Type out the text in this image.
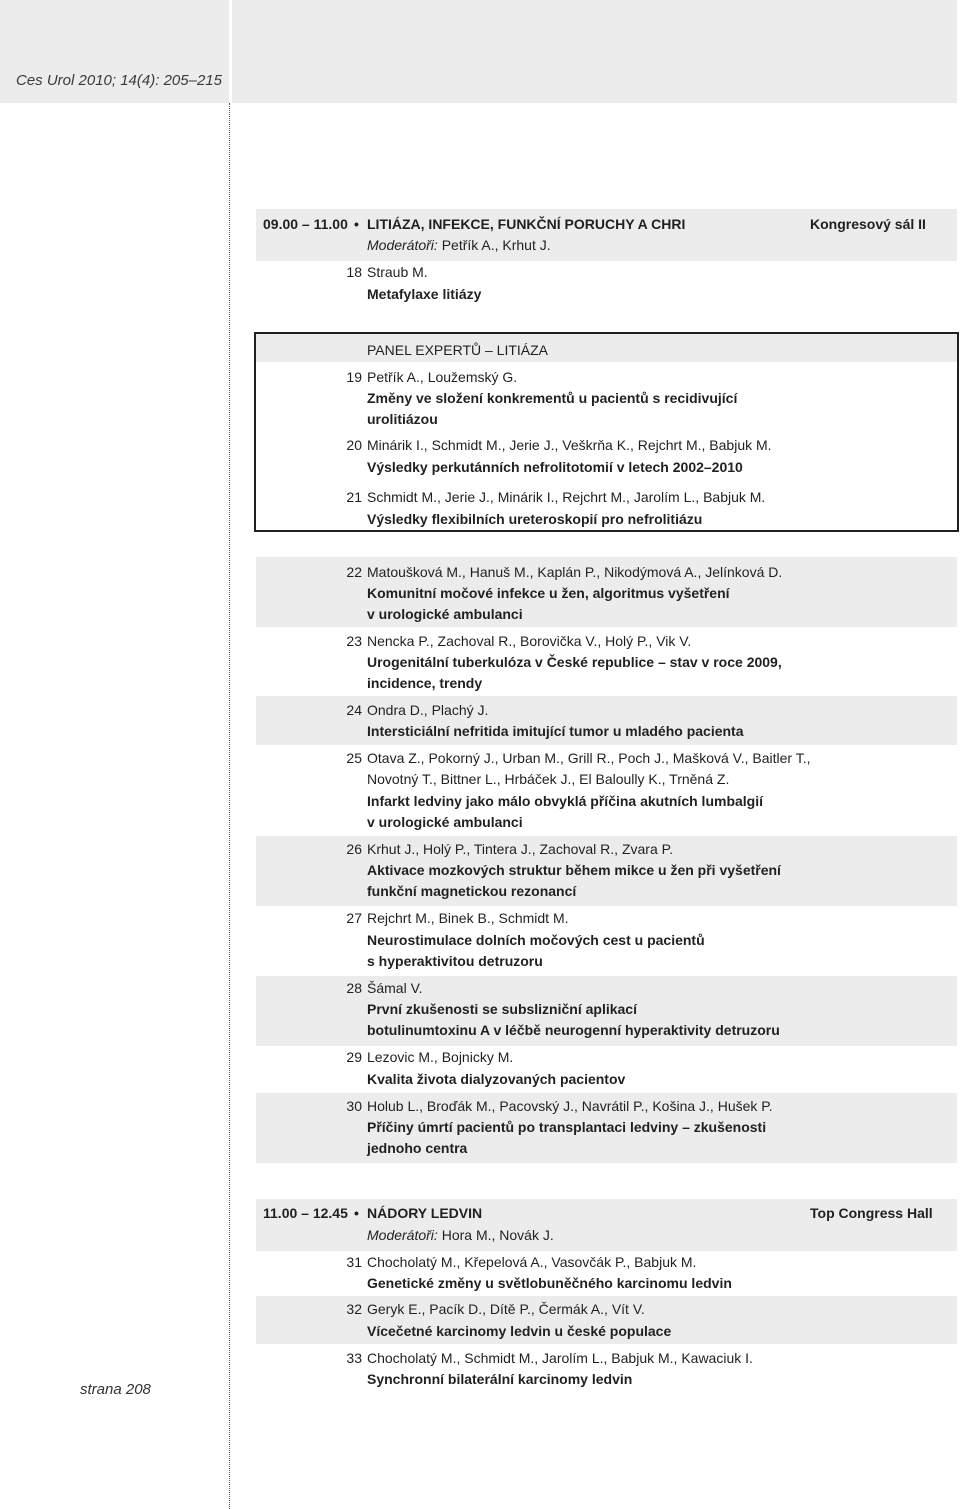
Ces Urol 2010; 14(4): 205–215
strana 208
09.00 – 11.00 • LITIÁZA, INFEKCE, FUNKČNÍ PORUCHY A CHRI	Kongresový sál II
Moderátoři: Petřík A., Krhut J.
18 Straub M.
Metafylaxe litiázy
PANEL EXPERTŮ – LITIÁZA
19 Petřík A., Loužemský G.
Změny ve složení konkrementů u pacientů s recidivující
urolitiázou
20 Minárik I., Schmidt M., Jerie J., Veškrňa K., Rejchrt M., Babjuk M.
Výsledky perkutánních nefrolitotomií v letech 2002–2010
21 Schmidt M., Jerie J., Minárik I., Rejchrt M., Jarolím L., Babjuk M.
Výsledky flexibilních ureteroskopií pro nefrolitiázu
22 Matoušková M., Hanuš M., Kaplán P., Nikodýmová A., Jelínková D.
Komunitní močové infekce u žen, algoritmus vyšetření
v urologické ambulanci
23 Nencka P., Zachoval R., Borovička V., Holý P., Vik V.
Urogenitální tuberkulóza v České republice – stav v roce 2009,
incidence, trendy
24 Ondra D., Plachý J.
Intersticiální nefritida imitující tumor u mladého pacienta
25 Otava Z., Pokorný J., Urban M., Grill R., Poch J., Mašková V., Baitler T.,
Novotný T., Bittner L., Hrbáček J., El Baloully K., Trněná Z.
Infarkt ledviny jako málo obvyklá příčina akutních lumbalgií
v urologické ambulanci
26 Krhut J., Holý P., Tintera J., Zachoval R., Zvara P.
Aktivace mozkových struktur během mikce u žen při vyšetření
funkční magnetickou rezonancí
27 Rejchrt M., Binek B., Schmidt M.
Neurostimulace dolních močových cest u pacientů
s hyperaktivitou detruzoru
28 Šámal V.
První zkušenosti se subslizniční aplikací
botulinumtoxinu A v léčbě neurogenní hyperaktivity detruzoru
29 Lezovic M., Bojnicky M.
Kvalita života dialyzovaných pacientov
30 Holub L., Broďák M., Pacovský J., Navrátil P., Košina J., Hušek P.
Příčiny úmrtí pacientů po transplantaci ledviny – zkušenosti
jednoho centra
11.00 – 12.45 • NÁDORY LEDVIN	Top Congress Hall
Moderátoři: Hora M., Novák J.
31 Chocholatý M., Křepelová A., Vasovčák P., Babjuk M.
Genetické změny u světlobuněčného karcinomu ledvin
32 Geryk E., Pacík D., Dítě P., Čermák A., Vít V.
Vícečetné karcinomy ledvin u české populace
33 Chocholatý M., Schmidt M., Jarolím L., Babjuk M., Kawaciuk I.
Synchronní bilaterální karcinomy ledvin
